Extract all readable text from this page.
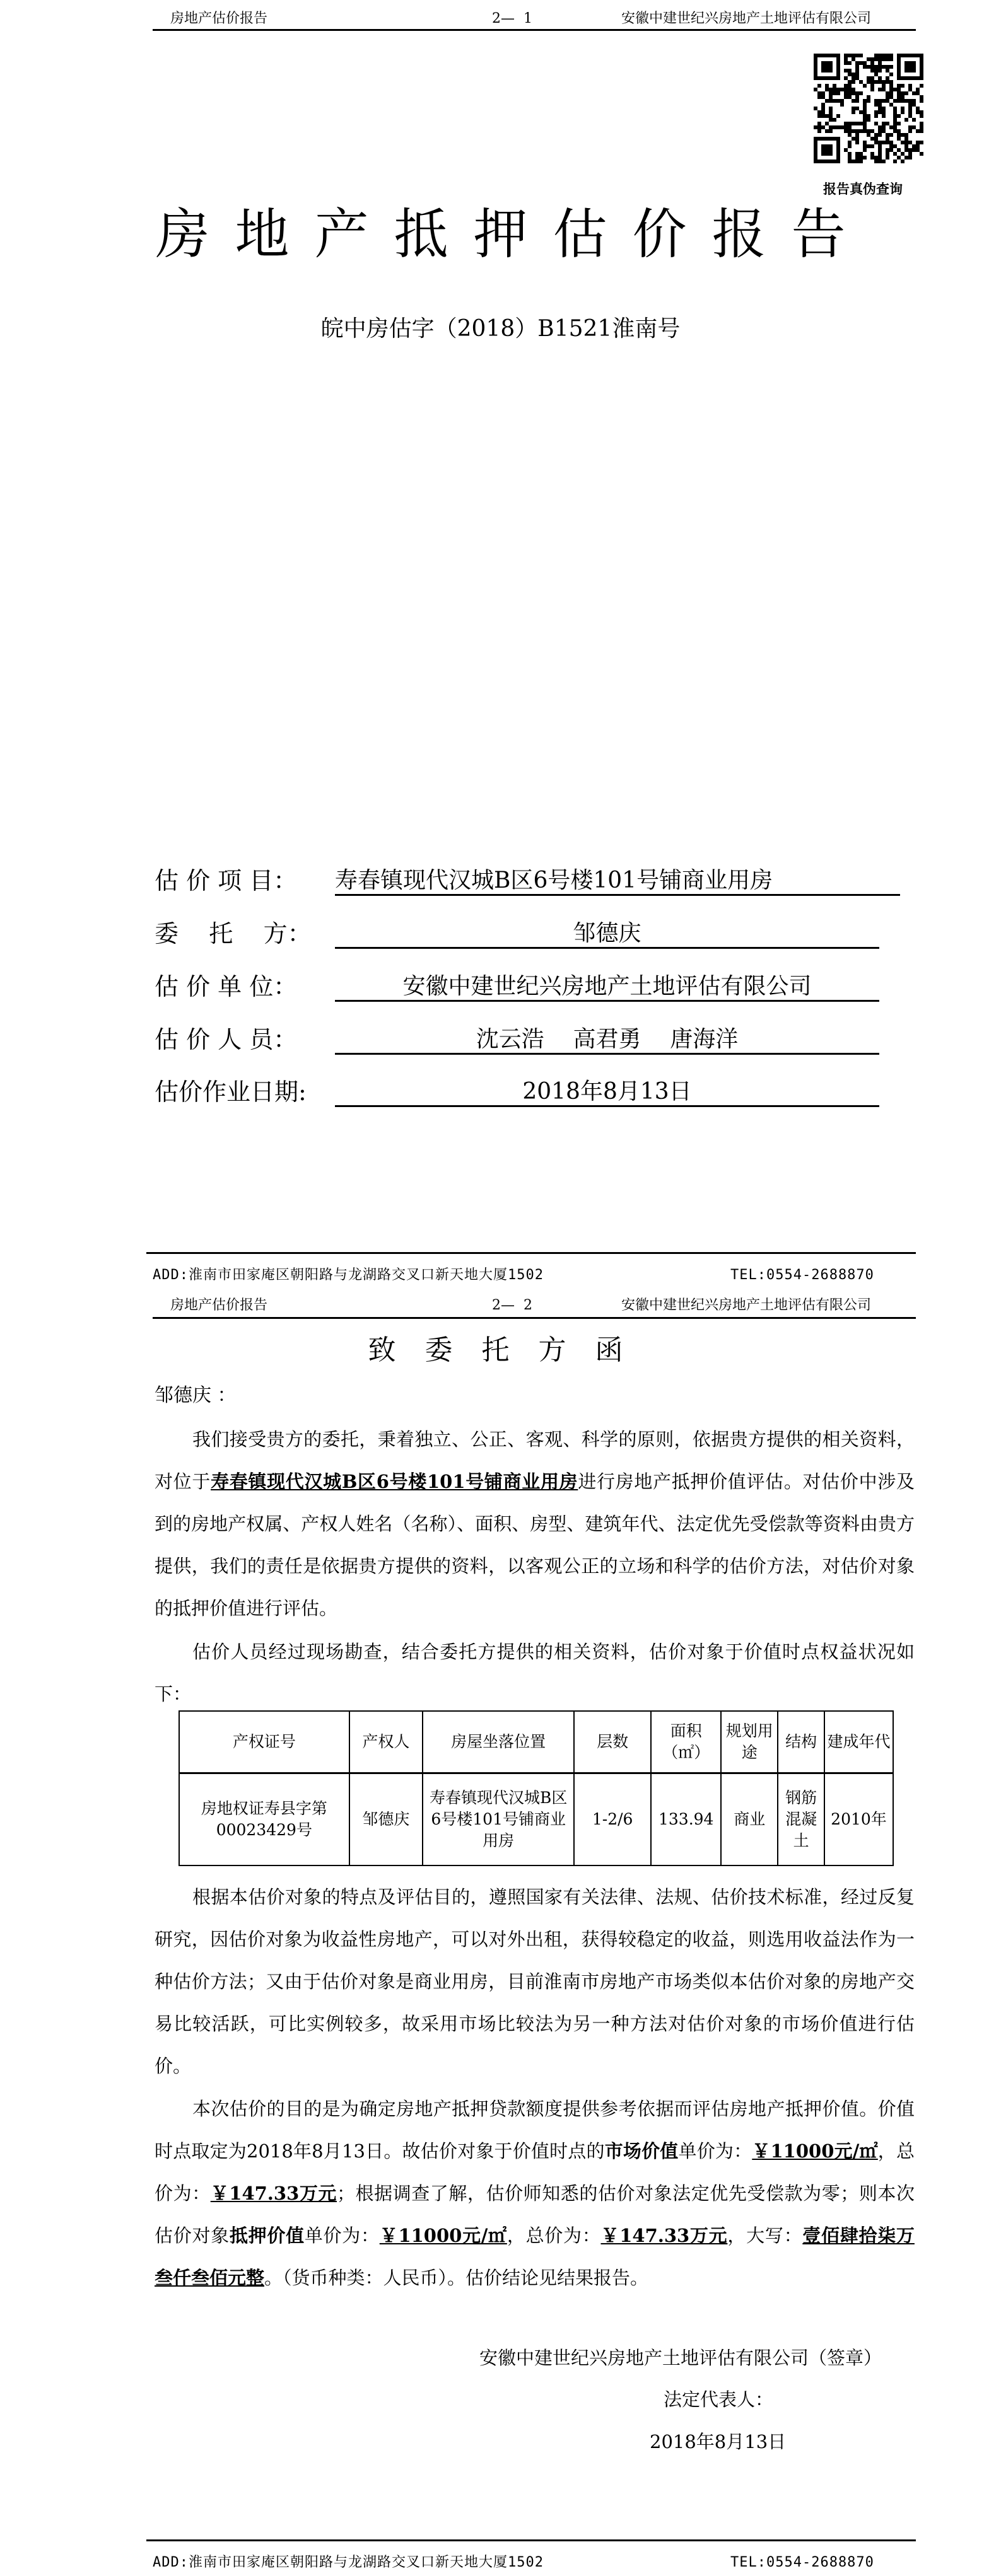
房地产估价报告	2—  1	安徽中建世纪兴房地产土地评估有限公司
报告真伪查询
房地产抵押估价报告
皖中房估字（2018）B1521淮南号
估 价 项 目： 寿春镇现代汉城B区6号楼101号铺商业用房
委    托    方：	邹德庆
估 价 单 位：	安徽中建世纪兴房地产土地评估有限公司
估 价 人 员：	沈云浩    高君勇    唐海洋
估价作业日期:	2018年8月13日
ADD:淮南市田家庵区朝阳路与龙湖路交叉口新天地大厦1502	TEL:0554-2688870
房地产估价报告	2—  2	安徽中建世纪兴房地产土地评估有限公司
致 委 托 方 函
邹德庆 ：
我们接受贵方的委托，秉着独立、公正、客观、科学的原则，依据贵方提供的相关资料，对位于寿春镇现代汉城B区6号楼101号铺商业用房进行房地产抵押价值评估。对估价中涉及到的房地产权属、产权人姓名（名称）、面积、房型、建筑年代、法定优先受偿款等资料由贵方提供，我们的责任是依据贵方提供的资料，以客观公正的立场和科学的估价方法，对估价对象的抵押价值进行评估。
估价人员经过现场勘查，结合委托方提供的相关资料，估价对象于价值时点权益状况如下：
产权证号	产权人	房屋坐落位置	层数	面积（㎡）	规划用途	结构	建成年代
房地权证寿县字第00023429号	邹德庆	寿春镇现代汉城B区6号楼101号铺商业用房	1-2/6	133.94	商业	钢筋混凝土	2010年
根据本估价对象的特点及评估目的，遵照国家有关法律、法规、估价技术标准，经过反复研究，因估价对象为收益性房地产，可以对外出租，获得较稳定的收益，则选用收益法作为一种估价方法；又由于估价对象是商业用房，目前淮南市房地产市场类似本估价对象的房地产交易比较活跃，可比实例较多，故采用市场比较法为另一种方法对估价对象的市场价值进行估价。
本次估价的目的是为确定房地产抵押贷款额度提供参考依据而评估房地产抵押价值。价值时点取定为2018年8月13日。故估价对象于价值时点的市场价值单价为：￥11000元/㎡，总价为：￥147.33万元；根据调查了解，估价师知悉的估价对象法定优先受偿款为零；则本次估价对象抵押价值单价为：￥11000元/㎡，总价为：￥147.33万元，大写：壹佰肆拾柒万叁仟叁佰元整。（货币种类：人民币）。估价结论见结果报告。
安徽中建世纪兴房地产土地评估有限公司（签章）
法定代表人：
2018年8月13日
ADD:淮南市田家庵区朝阳路与龙湖路交叉口新天地大厦1502	TEL:0554-2688870
